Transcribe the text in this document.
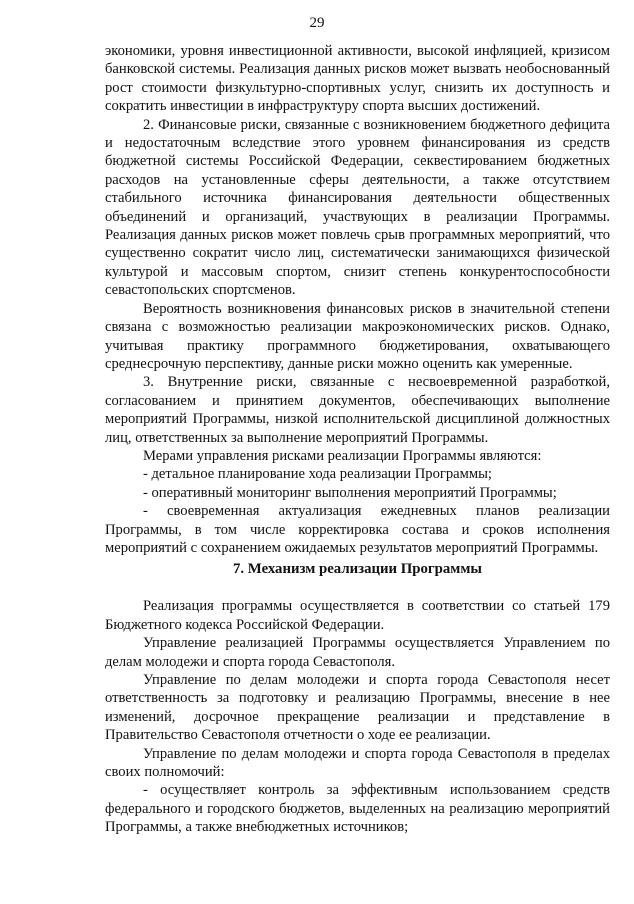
29

экономики, уровня инвестиционной активности, высокой инфляцией, кризисом банковской системы. Реализация данных рисков может вызвать необоснованный рост стоимости физкультурно-спортивных услуг, снизить их доступность и сократить инвестиции в инфраструктуру спорта высших достижений.

2. Финансовые риски, связанные с возникновением бюджетного дефицита и недостаточным вследствие этого уровнем финансирования из средств бюджетной системы Российской Федерации, секвестированием бюджетных расходов на установленные сферы деятельности, а также отсутствием стабильного источника финансирования деятельности общественных объединений и организаций, участвующих в реализации Программы. Реализация данных рисков может повлечь срыв программных мероприятий, что существенно сократит число лиц, систематически занимающихся физической культурой и массовым спортом, снизит степень конкурентоспособности севастопольских спортсменов.

Вероятность возникновения финансовых рисков в значительной степени связана с возможностью реализации макроэкономических рисков. Однако, учитывая практику программного бюджетирования, охватывающего среднесрочную перспективу, данные риски можно оценить как умеренные.

3. Внутренние риски, связанные с несвоевременной разработкой, согласованием и принятием документов, обеспечивающих выполнение мероприятий Программы, низкой исполнительской дисциплиной должностных лиц, ответственных за выполнение мероприятий Программы.

Мерами управления рисками реализации Программы являются:

- детальное планирование хода реализации Программы;

- оперативный мониторинг выполнения мероприятий Программы;

- своевременная актуализация ежедневных планов реализации Программы, в том числе корректировка состава и сроков исполнения мероприятий с сохранением ожидаемых результатов мероприятий Программы.

7. Механизм реализации Программы

Реализация программы осуществляется в соответствии со статьей 179 Бюджетного кодекса Российской Федерации.

Управление реализацией Программы осуществляется Управлением по делам молодежи и спорта города Севастополя.

Управление по делам молодежи и спорта города Севастополя несет ответственность за подготовку и реализацию Программы, внесение в нее изменений, досрочное прекращение реализации и представление в Правительство Севастополя отчетности о ходе ее реализации.

Управление по делам молодежи и спорта города Севастополя в пределах своих полномочий:

- осуществляет контроль за эффективным использованием средств федерального и городского бюджетов, выделенных на реализацию мероприятий Программы, а также внебюджетных источников;
